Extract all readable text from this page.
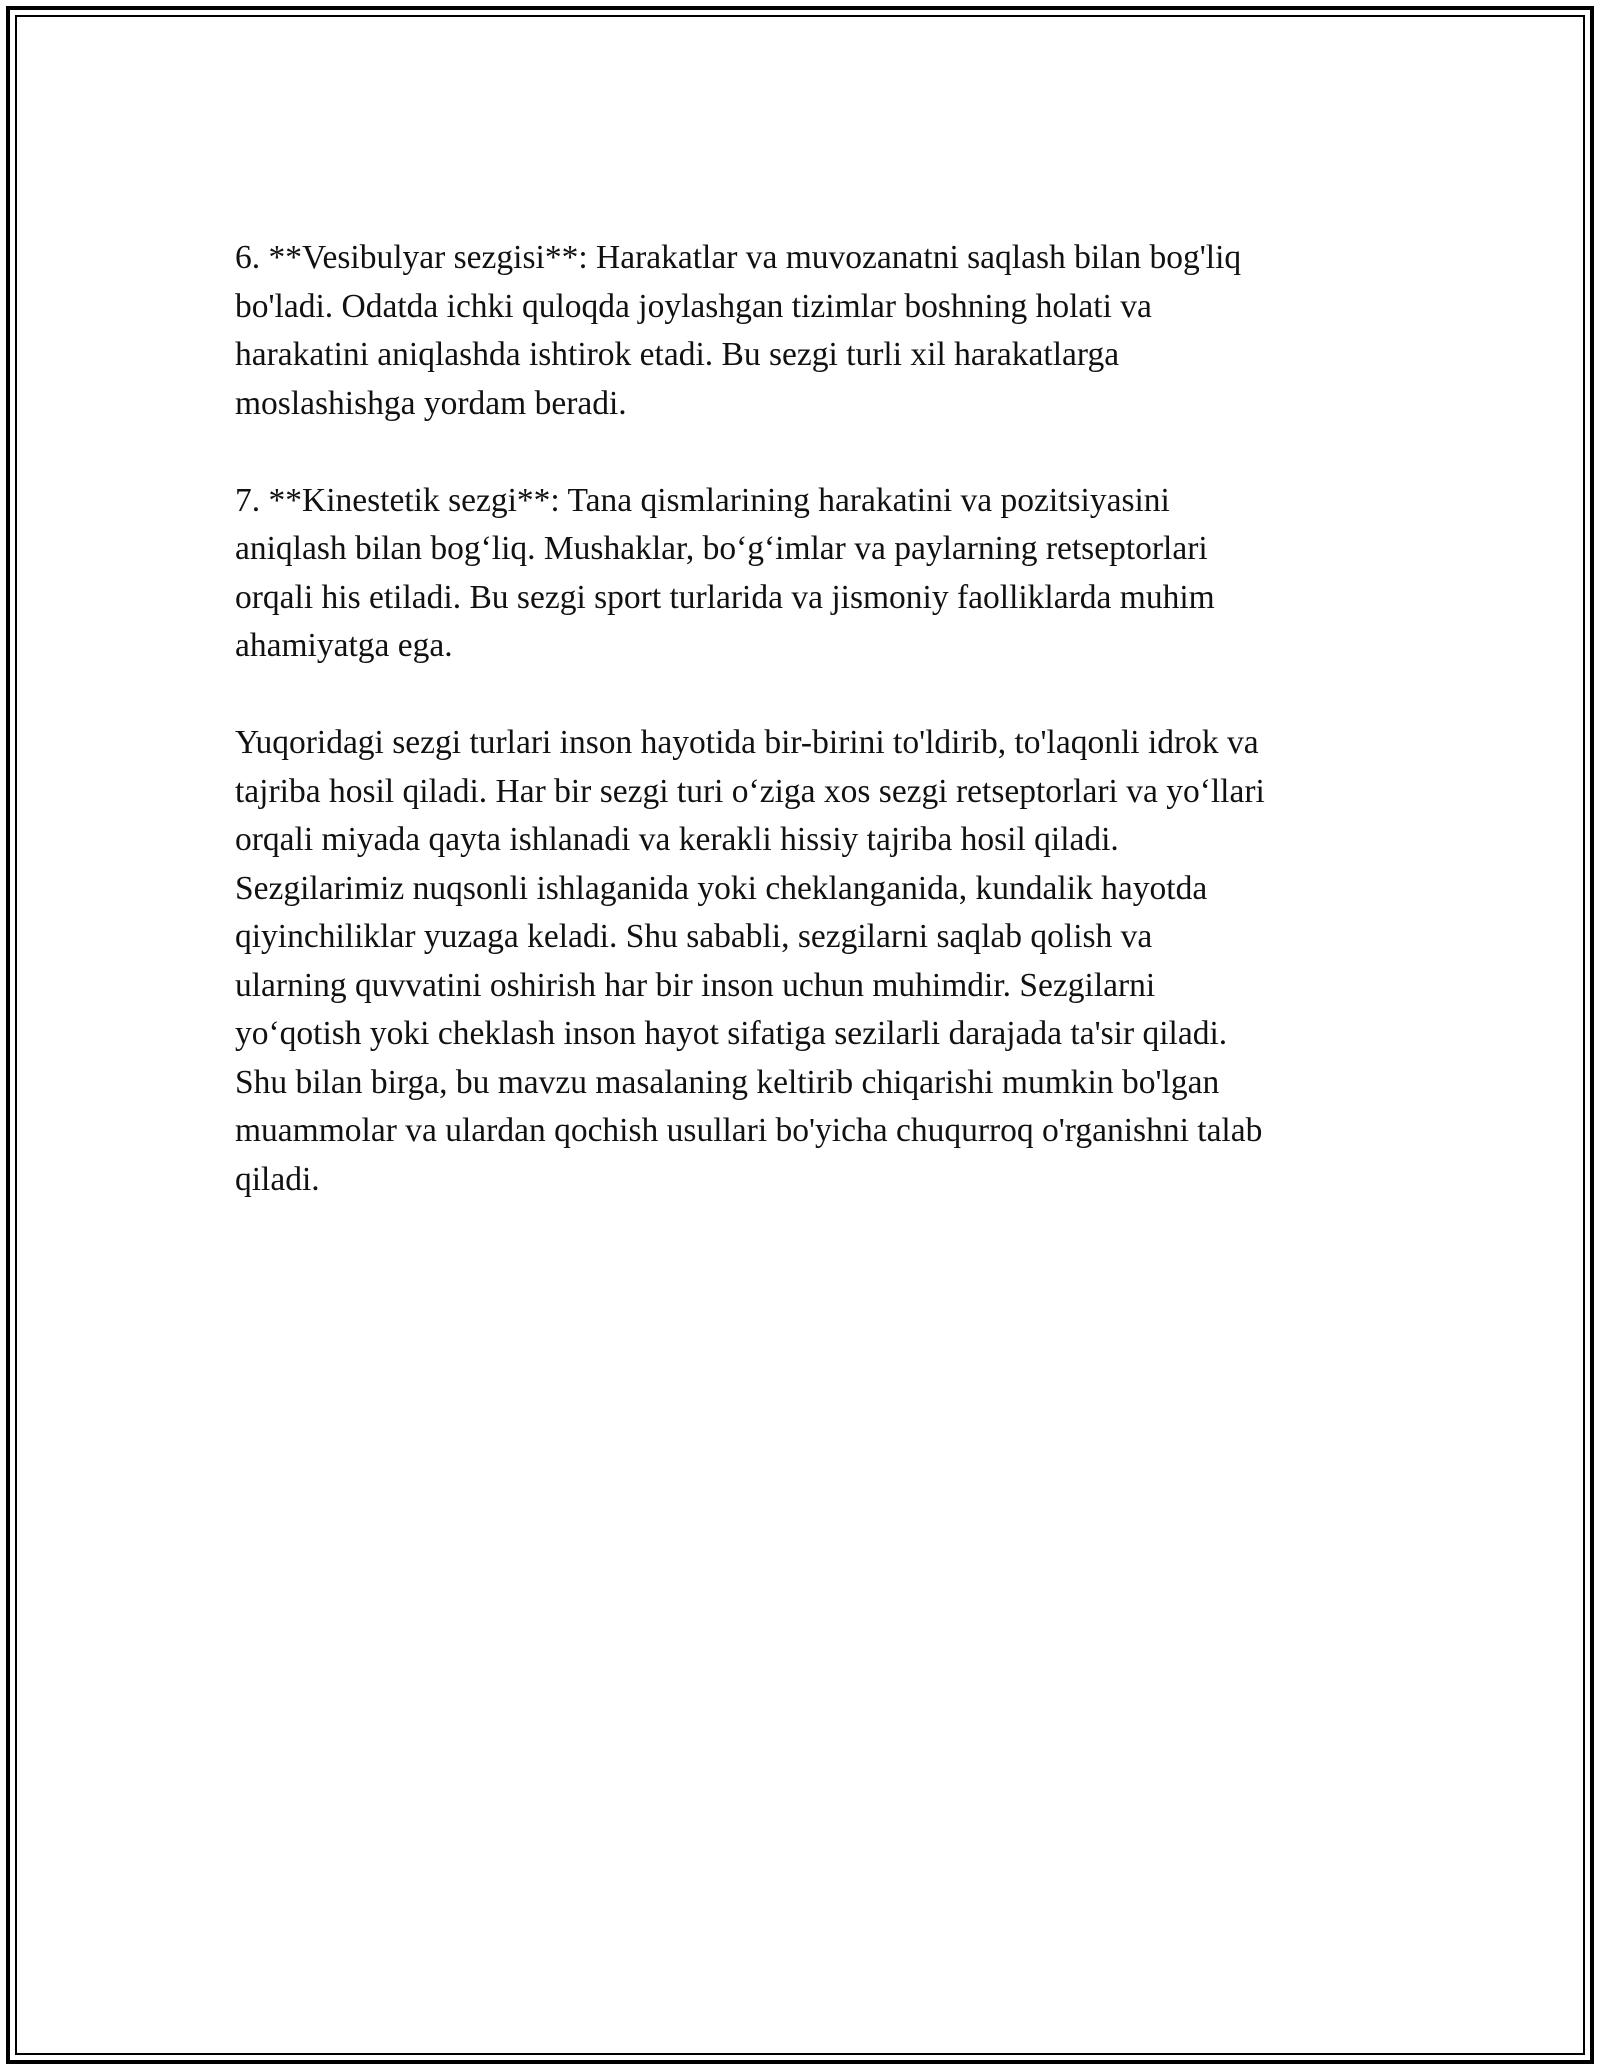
6. **Vesibulyar sezgisi**: Harakatlar va muvozanatni saqlash bilan bog'liq
bo'ladi. Odatda ichki quloqda joylashgan tizimlar boshning holati va
harakatini aniqlashda ishtirok etadi. Bu sezgi turli xil harakatlarga
moslashishga yordam beradi.

7. **Kinestetik sezgi**: Tana qismlarining harakatini va pozitsiyasini
aniqlash bilan bog‘liq. Mushaklar, bo‘g‘imlar va paylarning retseptorlari
orqali his etiladi. Bu sezgi sport turlarida va jismoniy faolliklarda muhim
ahamiyatga ega.

Yuqoridagi sezgi turlari inson hayotida bir-birini to'ldirib, to'laqonli idrok va
tajriba hosil qiladi. Har bir sezgi turi o‘ziga xos sezgi retseptorlari va yo‘llari
orqali miyada qayta ishlanadi va kerakli hissiy tajriba hosil qiladi.
Sezgilarimiz nuqsonli ishlaganida yoki cheklanganida, kundalik hayotda
qiyinchiliklar yuzaga keladi. Shu sababli, sezgilarni saqlab qolish va
ularning quvvatini oshirish har bir inson uchun muhimdir. Sezgilarni
yo‘qotish yoki cheklash inson hayot sifatiga sezilarli darajada ta'sir qiladi.
Shu bilan birga, bu mavzu masalaning keltirib chiqarishi mumkin bo'lgan
muammolar va ulardan qochish usullari bo'yicha chuqurroq o'rganishni talab
qiladi.
